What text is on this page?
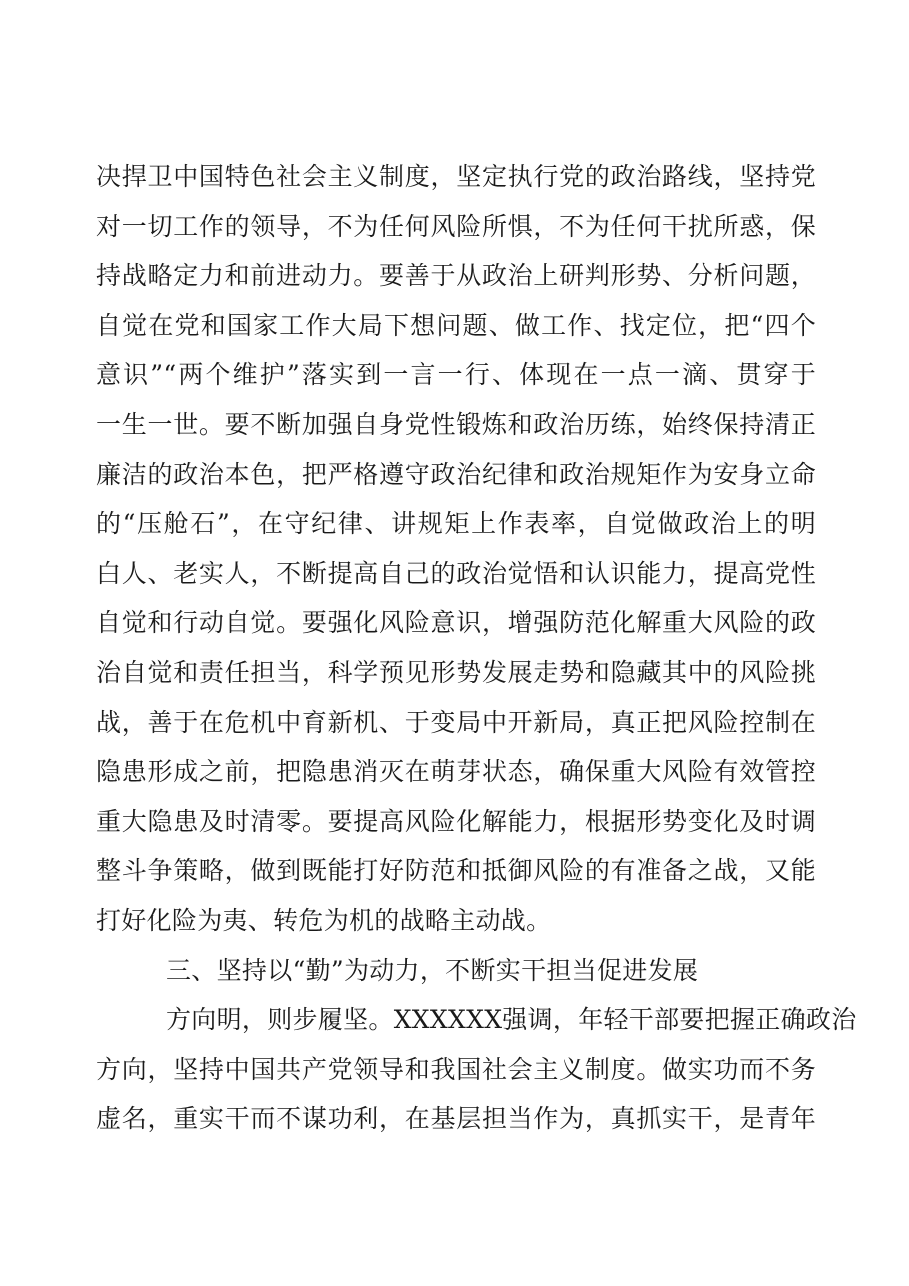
决捍卫中国特色社会主义制度，坚定执行党的政治路线，坚持党
对一切工作的领导，不为任何风险所惧，不为任何干扰所惑，保
持战略定力和前进动力。要善于从政治上研判形势、分析问题，
自觉在党和国家工作大局下想问题、做工作、找定位，把“四个
意识”“两个维护”落实到一言一行、体现在一点一滴、贯穿于
一生一世。要不断加强自身党性锻炼和政治历练，始终保持清正
廉洁的政治本色，把严格遵守政治纪律和政治规矩作为安身立命
的“压舱石”，在守纪律、讲规矩上作表率，自觉做政治上的明
白人、老实人，不断提高自己的政治觉悟和认识能力，提高党性
自觉和行动自觉。要强化风险意识，增强防范化解重大风险的政
治自觉和责任担当，科学预见形势发展走势和隐藏其中的风险挑
战，善于在危机中育新机、于变局中开新局，真正把风险控制在
隐患形成之前，把隐患消灭在萌芽状态，确保重大风险有效管控
重大隐患及时清零。要提高风险化解能力，根据形势变化及时调
整斗争策略，做到既能打好防范和抵御风险的有准备之战，又能
打好化险为夷、转危为机的战略主动战。
三、坚持以“勤”为动力，不断实干担当促进发展
方向明，则步履坚。XXXXXX强调，年轻干部要把握正确政治
方向，坚持中国共产党领导和我国社会主义制度。做实功而不务
虚名，重实干而不谋功利，在基层担当作为，真抓实干，是青年
